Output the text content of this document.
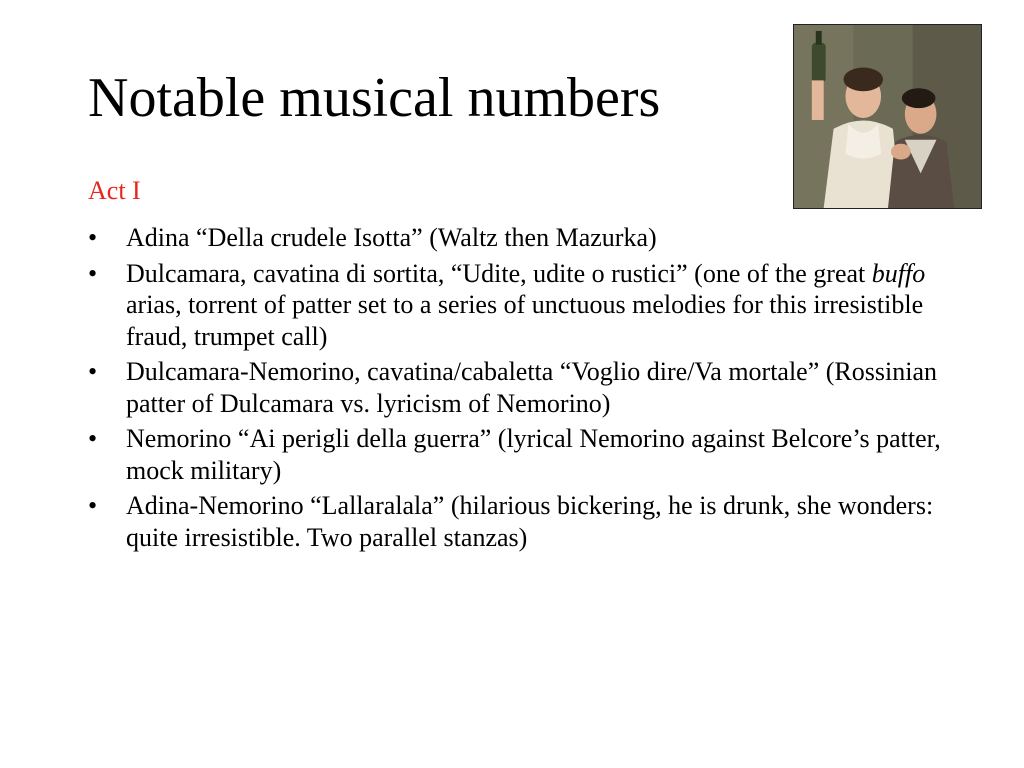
Notable musical numbers
Act I
•	Adina “Della crudele Isotta” (Waltz then Mazurka)
•	Dulcamara, cavatina di sortita, “Udite, udite o rustici” (one of the great buffo arias, torrent of patter set to a series of unctuous melodies for this irresistible fraud, trumpet call)
•	Dulcamara-Nemorino, cavatina/cabaletta “Voglio dire/Va mortale” (Rossinian patter of Dulcamara vs. lyricism of Nemorino)
•	Nemorino “Ai perigli della guerra” (lyrical Nemorino against Belcore’s patter, mock military)
•	Adina-Nemorino “Lallaralala” (hilarious bickering, he is drunk, she wonders: quite irresistible. Two parallel stanzas)
